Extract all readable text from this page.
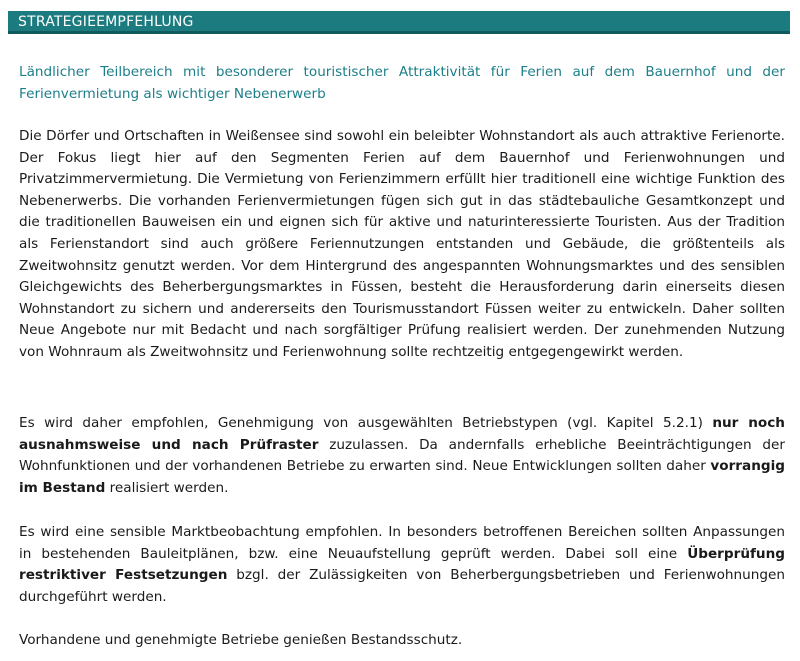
STRATEGIEEMPFEHLUNG
Ländlicher Teilbereich mit besonderer touristischer Attraktivität für Ferien auf dem Bauernhof und der Ferienvermietung als wichtiger Nebenerwerb

Die Dörfer und Ortschaften in Weißensee sind sowohl ein beleibter Wohnstandort als auch attraktive Ferienorte. Der Fokus liegt hier auf den Segmenten Ferien auf dem Bauernhof und Ferienwohnungen und Privatzimmervermietung. Die Vermietung von Ferienzimmern erfüllt hier traditionell eine wichtige Funktion des Nebenerwerbs. Die vorhanden Ferienvermietungen fügen sich gut in das städtebauliche Gesamtkonzept und die traditionellen Bauweisen ein und eignen sich für aktive und naturinteressierte Touristen. Aus der Tradition als Ferienstandort sind auch größere Feriennutzungen entstanden und Gebäude, die größtenteils als Zweitwohnsitz genutzt werden. Vor dem Hintergrund des angespannten Wohnungsmarktes und des sensiblen Gleichgewichts des Beherbergungsmarktes in Füssen, besteht die Herausforderung darin einerseits diesen Wohnstandort zu sichern und andererseits den Tourismusstandort Füssen weiter zu entwickeln. Daher sollten Neue Angebote nur mit Bedacht und nach sorgfältiger Prüfung realisiert werden. Der zunehmenden Nutzung von Wohnraum als Zweitwohnsitz und Ferienwohnung sollte rechtzeitig entgegengewirkt werden.

Es wird daher empfohlen, Genehmigung von ausgewählten Betriebstypen (vgl. Kapitel 5.2.1) nur noch ausnahmsweise und nach Prüfraster zuzulassen. Da andernfalls erhebliche Beeinträchtigungen der Wohnfunktionen und der vorhandenen Betriebe zu erwarten sind. Neue Entwicklungen sollten daher vorrangig im Bestand realisiert werden.

Es wird eine sensible Marktbeobachtung empfohlen. In besonders betroffenen Bereichen sollten Anpassungen in bestehenden Bauleitplänen, bzw. eine Neuaufstellung geprüft werden. Dabei soll eine Überprüfung restriktiver Festsetzungen bzgl. der Zulässigkeiten von Beherbergungsbetrieben und Ferienwohnungen durchgeführt werden.

Vorhandene und genehmigte Betriebe genießen Bestandsschutz.
